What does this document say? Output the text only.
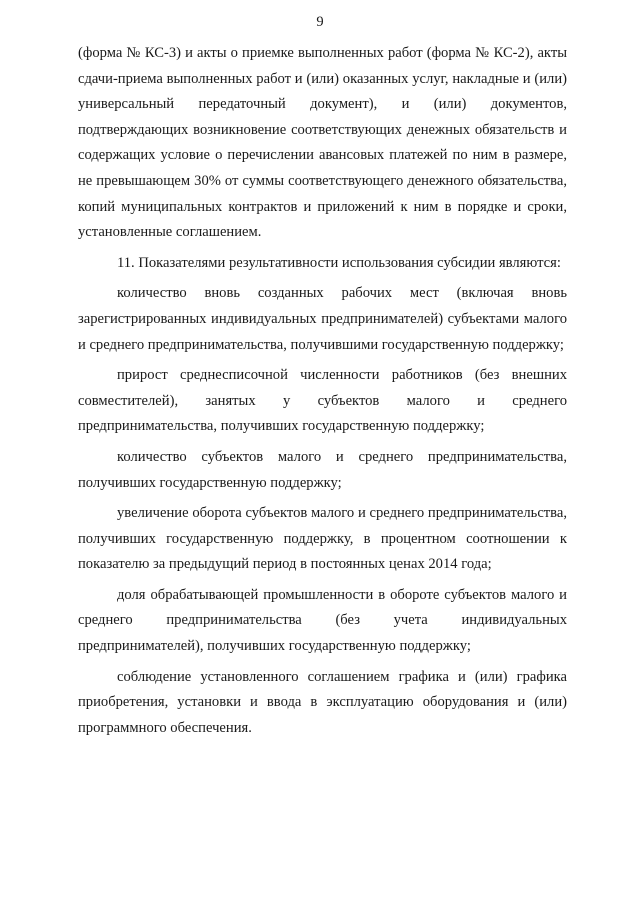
9

(форма № КС-3) и акты о приемке выполненных работ (форма № КС-2), акты сдачи-приема выполненных работ и (или) оказанных услуг, накладные и (или) универсальный передаточный документ), и (или) документов, подтверждающих возникновение соответствующих денежных обязательств и содержащих условие о перечислении авансовых платежей по ним в размере, не превышающем 30% от суммы соответствующего денежного обязательства, копий муниципальных контрактов и приложений к ним в порядке и сроки, установленные соглашением.

11. Показателями результативности использования субсидии являются:

количество вновь созданных рабочих мест (включая вновь зарегистрированных индивидуальных предпринимателей) субъектами малого и среднего предпринимательства, получившими государственную поддержку;

прирост среднесписочной численности работников (без внешних совместителей), занятых у субъектов малого и среднего предпринимательства, получивших государственную поддержку;

количество субъектов малого и среднего предпринимательства, получивших государственную поддержку;

увеличение оборота субъектов малого и среднего предпринимательства, получивших государственную поддержку, в процентном соотношении к показателю за предыдущий период в постоянных ценах 2014 года;

доля обрабатывающей промышленности в обороте субъектов малого и среднего предпринимательства (без учета индивидуальных предпринимателей), получивших государственную поддержку;

соблюдение установленного соглашением графика и (или) графика приобретения, установки и ввода в эксплуатацию оборудования и (или) программного обеспечения.
